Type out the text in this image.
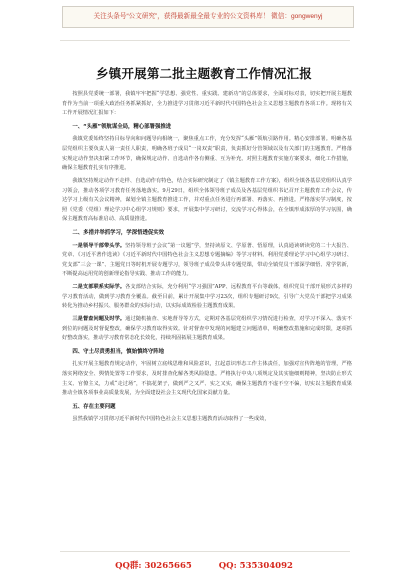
关注头条号“公文研究”，获得最新最全最专业的公文资料库！ 微信：gongwenyj
乡镇开展第二批主题教育工作情况汇报

按照县党委统一部署，我镇牢牢把握“学思想、强党性、重实践、建新功”的总体要求，全面对标对表，切实把开展主题教育作为当前一项重大政治任务抓紧抓好，全力推进学习贯彻习近平新时代中国特色社会主义思想主题教育各项工作。现将有关工作开展情况汇报如下：

一、“头雁”领航谋全局，精心部署强推进

我镇党委始终坚持目标导向和问题导向相统一，聚焦重点工作，充分发挥“头雁”领航引路作用。精心安排部署。明确各基层党组织主要负责人第一责任人职责，明确各班子成员“一岗双责”职责，负责抓好分管领域以及有关部门的主题教育。严格落实规定动作坚决扣紧工作环节，确保规定动作、自选动作各有侧重、互为补充。对照主题教育实施方案要求，细化工作措施，确保主题教育扎实有序推进。

我镇坚持规定动作不走样、自选动作有特色，结合实际研究制定了《镇主题教育工作方案》，组织全镇各基层党组织认真学习领会，推动各项学习教育任务落地落实。9月29日，组织全体领导班子成员及各基层党组织书记召开主题教育工作会议，传达学习上级有关会议精神，谋划全镇主题教育推进工作，并对重点任务进行再部署、再落实、再推进。严格落实学习制度，按照《党委（党组）理论学习中心组学习规则》要求，开展集中学习研讨，交流学习心得体会，在全镇形成浓厚的学习氛围，确保主题教育高标准启动、高质量推进。

二、多措并举抓学习，学深悟透促实效

一是领导干部带头学。坚持领导班子会议“第一议题”学，坚持读原文、学原著、悟原理，认真通读研读党的二十大报告、党章、《习近平著作选读》《习近平新时代中国特色社会主义思想专题摘编》等学习材料。利用党委理论学习中心组学习研讨、党支部“三会一课”、主题党日等时机开展专题学习，领导班子成员带头讲专题党课，带动全镇党员干部深学细悟、常学常新，不断提高运用党的创新理论指导实践、推动工作的能力。

二是支部联系实际学。各支部结合实际，充分利用“学习强国”APP、远程教育平台等载体，组织党员干部开展形式多样的学习教育活动，做到学习教育全覆盖。截至目前，累计开展集中学习23次，组织专题研讨9次，引导广大党员干部把学习成果转化为推动乡村振兴、服务群众的实际行动，以实际成效检验主题教育成果。

三是督查问题及时学。通过随机抽查、实地督导等方式，定期对各基层党组织学习情况进行检查，对学习不深入、落实不到位的问题及时督促整改，确保学习教育取得实效。针对督查中发现的问题建立问题清单，明确整改措施和完成时限，逐项抓好整改落实，推动学习教育常态化长效化，持续巩固拓展主题教育成果。

四、守土尽责勇担当，慎始慎终守阵地

扎实开展主题教育规定动作，牢固树立底线思维和风险意识，扛起意识形态工作主体责任，加强对宣传阵地的管理，严格落实网络安全、舆情处置等工作要求，及时排查化解各类风险隐患。严格执行中央八项规定及其实施细则精神，坚决防止形式主义、官僚主义，力戒“走过场”，不搞花架子，做到严之又严、实之又实，确保主题教育不虚不空不偏，切实以主题教育成果推动全镇各项事业高质量发展，为全面建设社会主义现代化国家贡献力量。

五、存在主要问题

虽然我镇学习贯彻习近平新时代中国特色社会主义思想主题教育活动取得了一些成效，

QQ群: 30265665	QQ: 535304092
